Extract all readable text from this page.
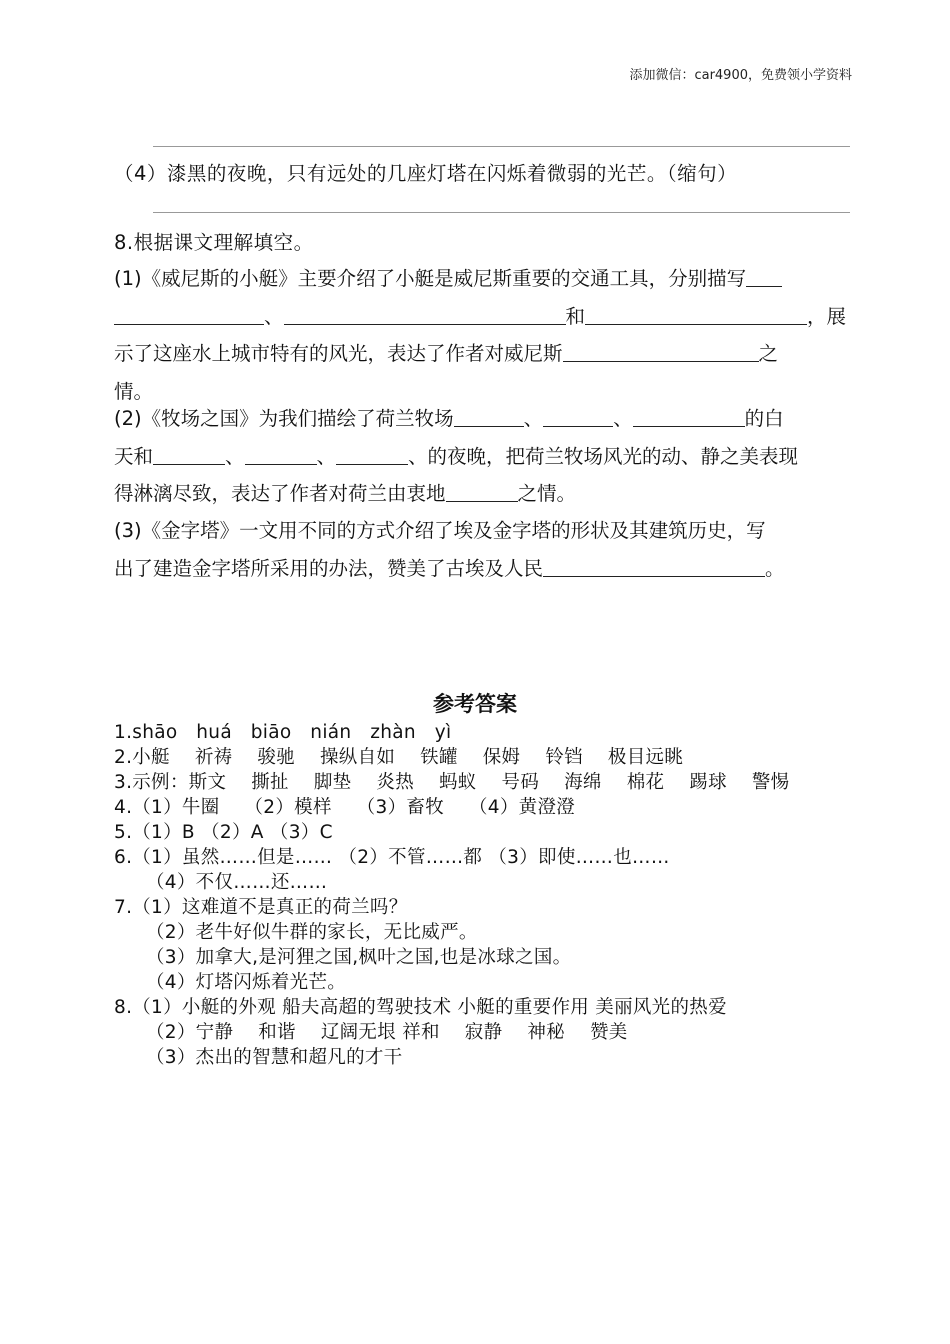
添加微信：car4900，免费领小学资料
（4）漆黑的夜晚，只有远处的几座灯塔在闪烁着微弱的光芒。（缩句）
8.根据课文理解填空。
(1)《威尼斯的小艇》主要介绍了小艇是威尼斯重要的交通工具，分别描写
、	和	，展
示了这座水上城市特有的风光，表达了作者对威尼斯	之
情。
(2)《牧场之国》为我们描绘了荷兰牧场	、	、	的白
天和	、	、	、的夜晚，把荷兰牧场风光的动、静之美表现
得淋漓尽致，表达了作者对荷兰由衷地	之情。
(3)《金字塔》一文用不同的方式介绍了埃及金字塔的形状及其建筑历史，写
出了建造金字塔所采用的办法，赞美了古埃及人民	。
参考答案
1.shāo　huá　biāo　nián　zhàn　yì
2.小艇　 祈祷　 骏驰　 操纵自如　 铁罐　 保姆　 铃铛　 极目远眺
3.示例：斯文　 撕扯　 脚垫　 炎热　 蚂蚁　 号码　 海绵　 棉花　 踢球　 警惕
4.（1）牛圈　 （2）模样　 （3）畜牧　 （4）黄澄澄
5.（1）B （2）A （3）C
6.（1）虽然……但是…… （2）不管……都 （3）即使……也……
（4）不仅……还……
7.（1）这难道不是真正的荷兰吗？
（2）老牛好似牛群的家长，无比威严。
（3）加拿大,是河狸之国,枫叶之国,也是冰球之国。
（4）灯塔闪烁着光芒。
8.（1）小艇的外观 船夫高超的驾驶技术 小艇的重要作用 美丽风光的热爱
（2）宁静　 和谐　 辽阔无垠 祥和　 寂静　 神秘　 赞美
（3）杰出的智慧和超凡的才干
